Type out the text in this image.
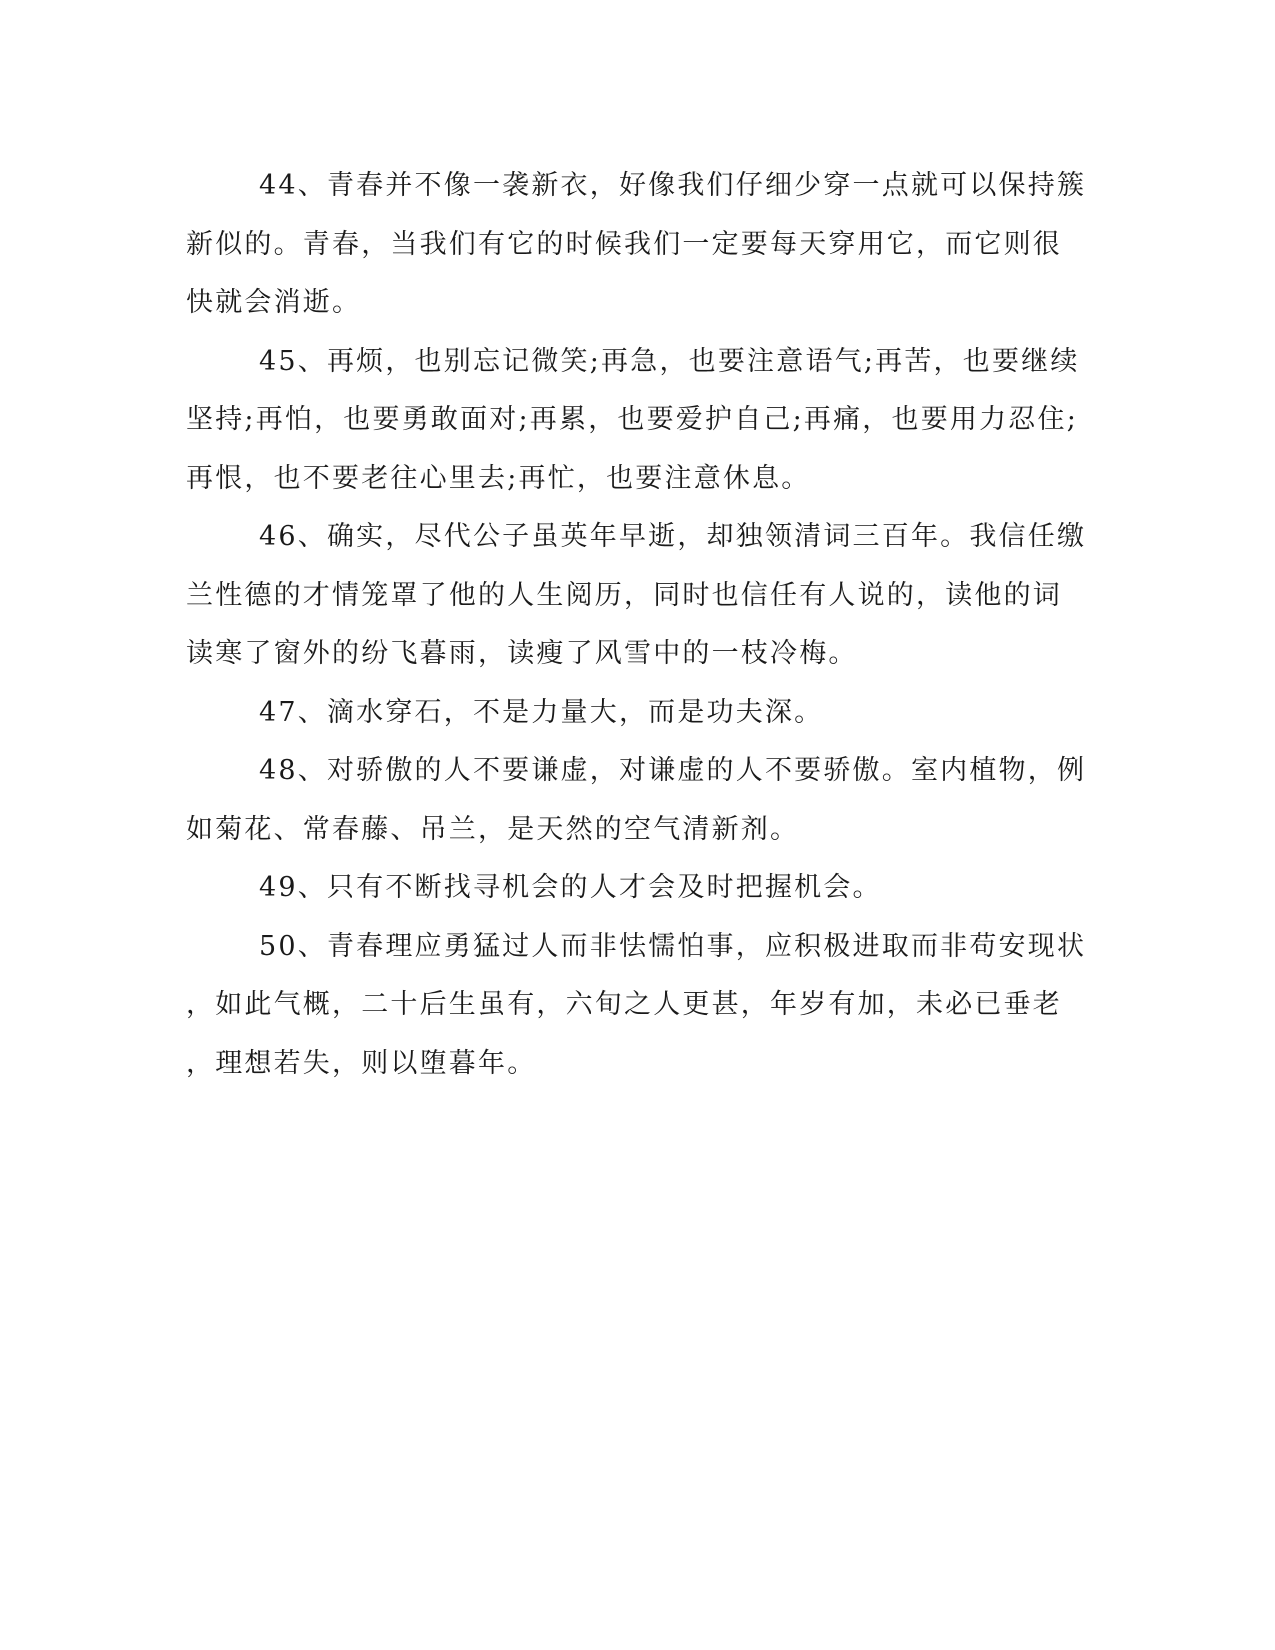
44、青春并不像一袭新衣，好像我们仔细少穿一点就可以保持簇
新似的。青春，当我们有它的时候我们一定要每天穿用它，而它则很
快就会消逝。
45、再烦，也别忘记微笑;再急，也要注意语气;再苦，也要继续
坚持;再怕，也要勇敢面对;再累，也要爱护自己;再痛，也要用力忍住;
再恨，也不要老往心里去;再忙，也要注意休息。
46、确实，尽代公子虽英年早逝，却独领清词三百年。我信任缴
兰性德的才情笼罩了他的人生阅历，同时也信任有人说的，读他的词
读寒了窗外的纷飞暮雨，读瘦了风雪中的一枝冷梅。
47、滴水穿石，不是力量大，而是功夫深。
48、对骄傲的人不要谦虚，对谦虚的人不要骄傲。室内植物，例
如菊花、常春藤、吊兰，是天然的空气清新剂。
49、只有不断找寻机会的人才会及时把握机会。
50、青春理应勇猛过人而非怯懦怕事，应积极进取而非苟安现状
，如此气概，二十后生虽有，六旬之人更甚，年岁有加，未必已垂老
，理想若失，则以堕暮年。
